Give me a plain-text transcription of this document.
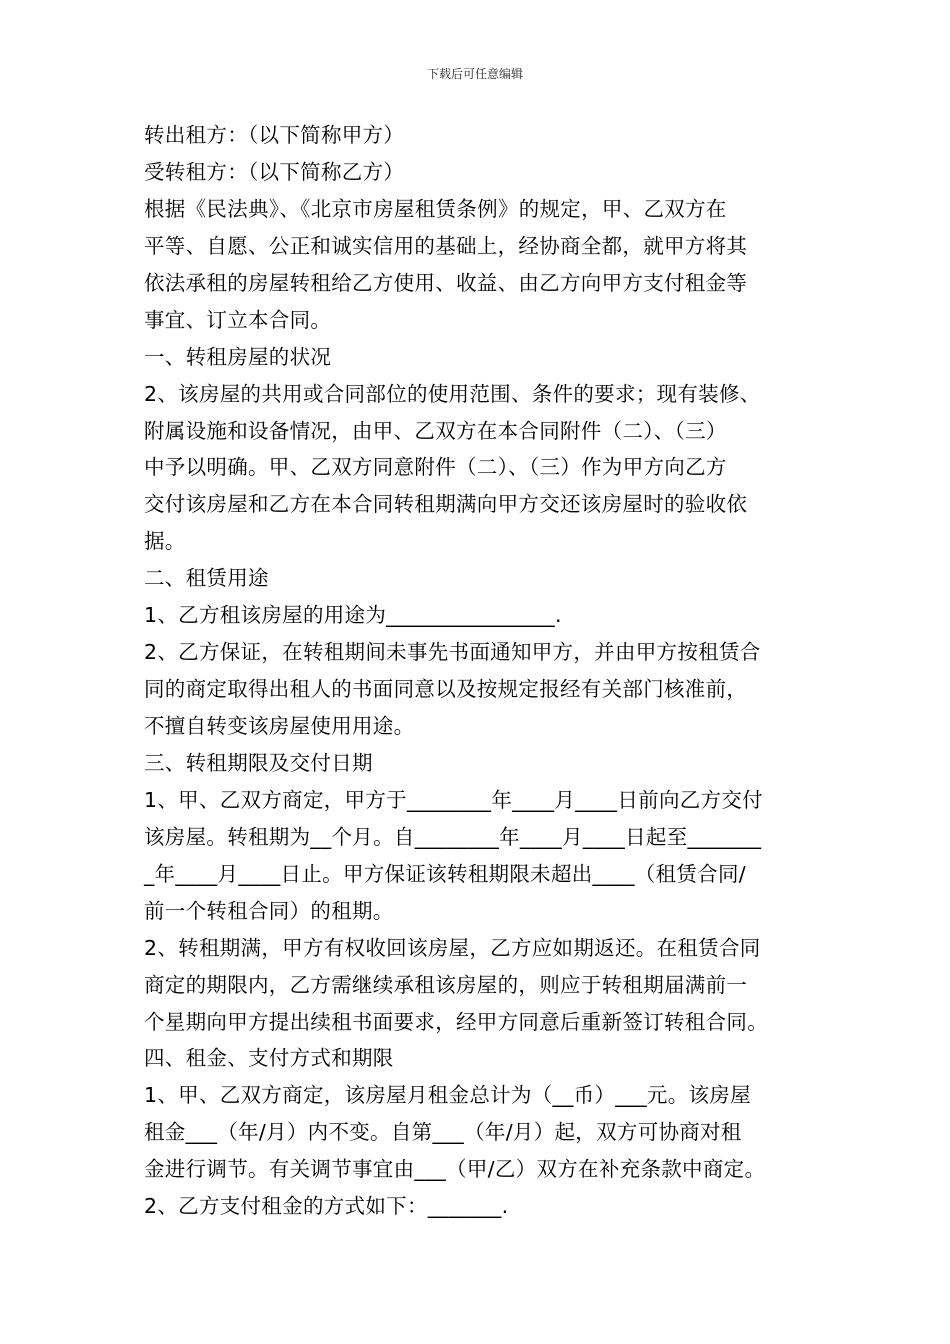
下载后可任意编辑
转出租方：（以下简称甲方）
受转租方：（以下简称乙方）
根据《民法典》、《北京市房屋租赁条例》的规定，甲、乙双方在
平等、自愿、公正和诚实信用的基础上，经协商全都，就甲方将其
依法承租的房屋转租给乙方使用、收益、由乙方向甲方支付租金等
事宜、订立本合同。
一、转租房屋的状况
2、该房屋的共用或合同部位的使用范围、条件的要求；现有装修、
附属设施和设备情况，由甲、乙双方在本合同附件（二）、（三）
中予以明确。甲、乙双方同意附件（二）、（三）作为甲方向乙方
交付该房屋和乙方在本合同转租期满向甲方交还该房屋时的验收依
据。
二、租赁用途
1、乙方租该房屋的用途为________________.
2、乙方保证，在转租期间未事先书面通知甲方，并由甲方按租赁合
同的商定取得出租人的书面同意以及按规定报经有关部门核准前，
不擅自转变该房屋使用用途。
三、转租期限及交付日期
1、甲、乙双方商定，甲方于________年____月____日前向乙方交付
该房屋。转租期为__个月。自________年____月____日起至_______
_年____月____日止。甲方保证该转租期限未超出____（租赁合同/
前一个转租合同）的租期。
2、转租期满，甲方有权收回该房屋，乙方应如期返还。在租赁合同
商定的期限内，乙方需继续承租该房屋的，则应于转租期届满前一
个星期向甲方提出续租书面要求，经甲方同意后重新签订转租合同。
四、租金、支付方式和期限
1、甲、乙双方商定，该房屋月租金总计为（__币）___元。该房屋
租金___（年/月）内不变。自第___（年/月）起，双方可协商对租
金进行调节。有关调节事宜由___（甲/乙）双方在补充条款中商定。
2、乙方支付租金的方式如下：_______.
